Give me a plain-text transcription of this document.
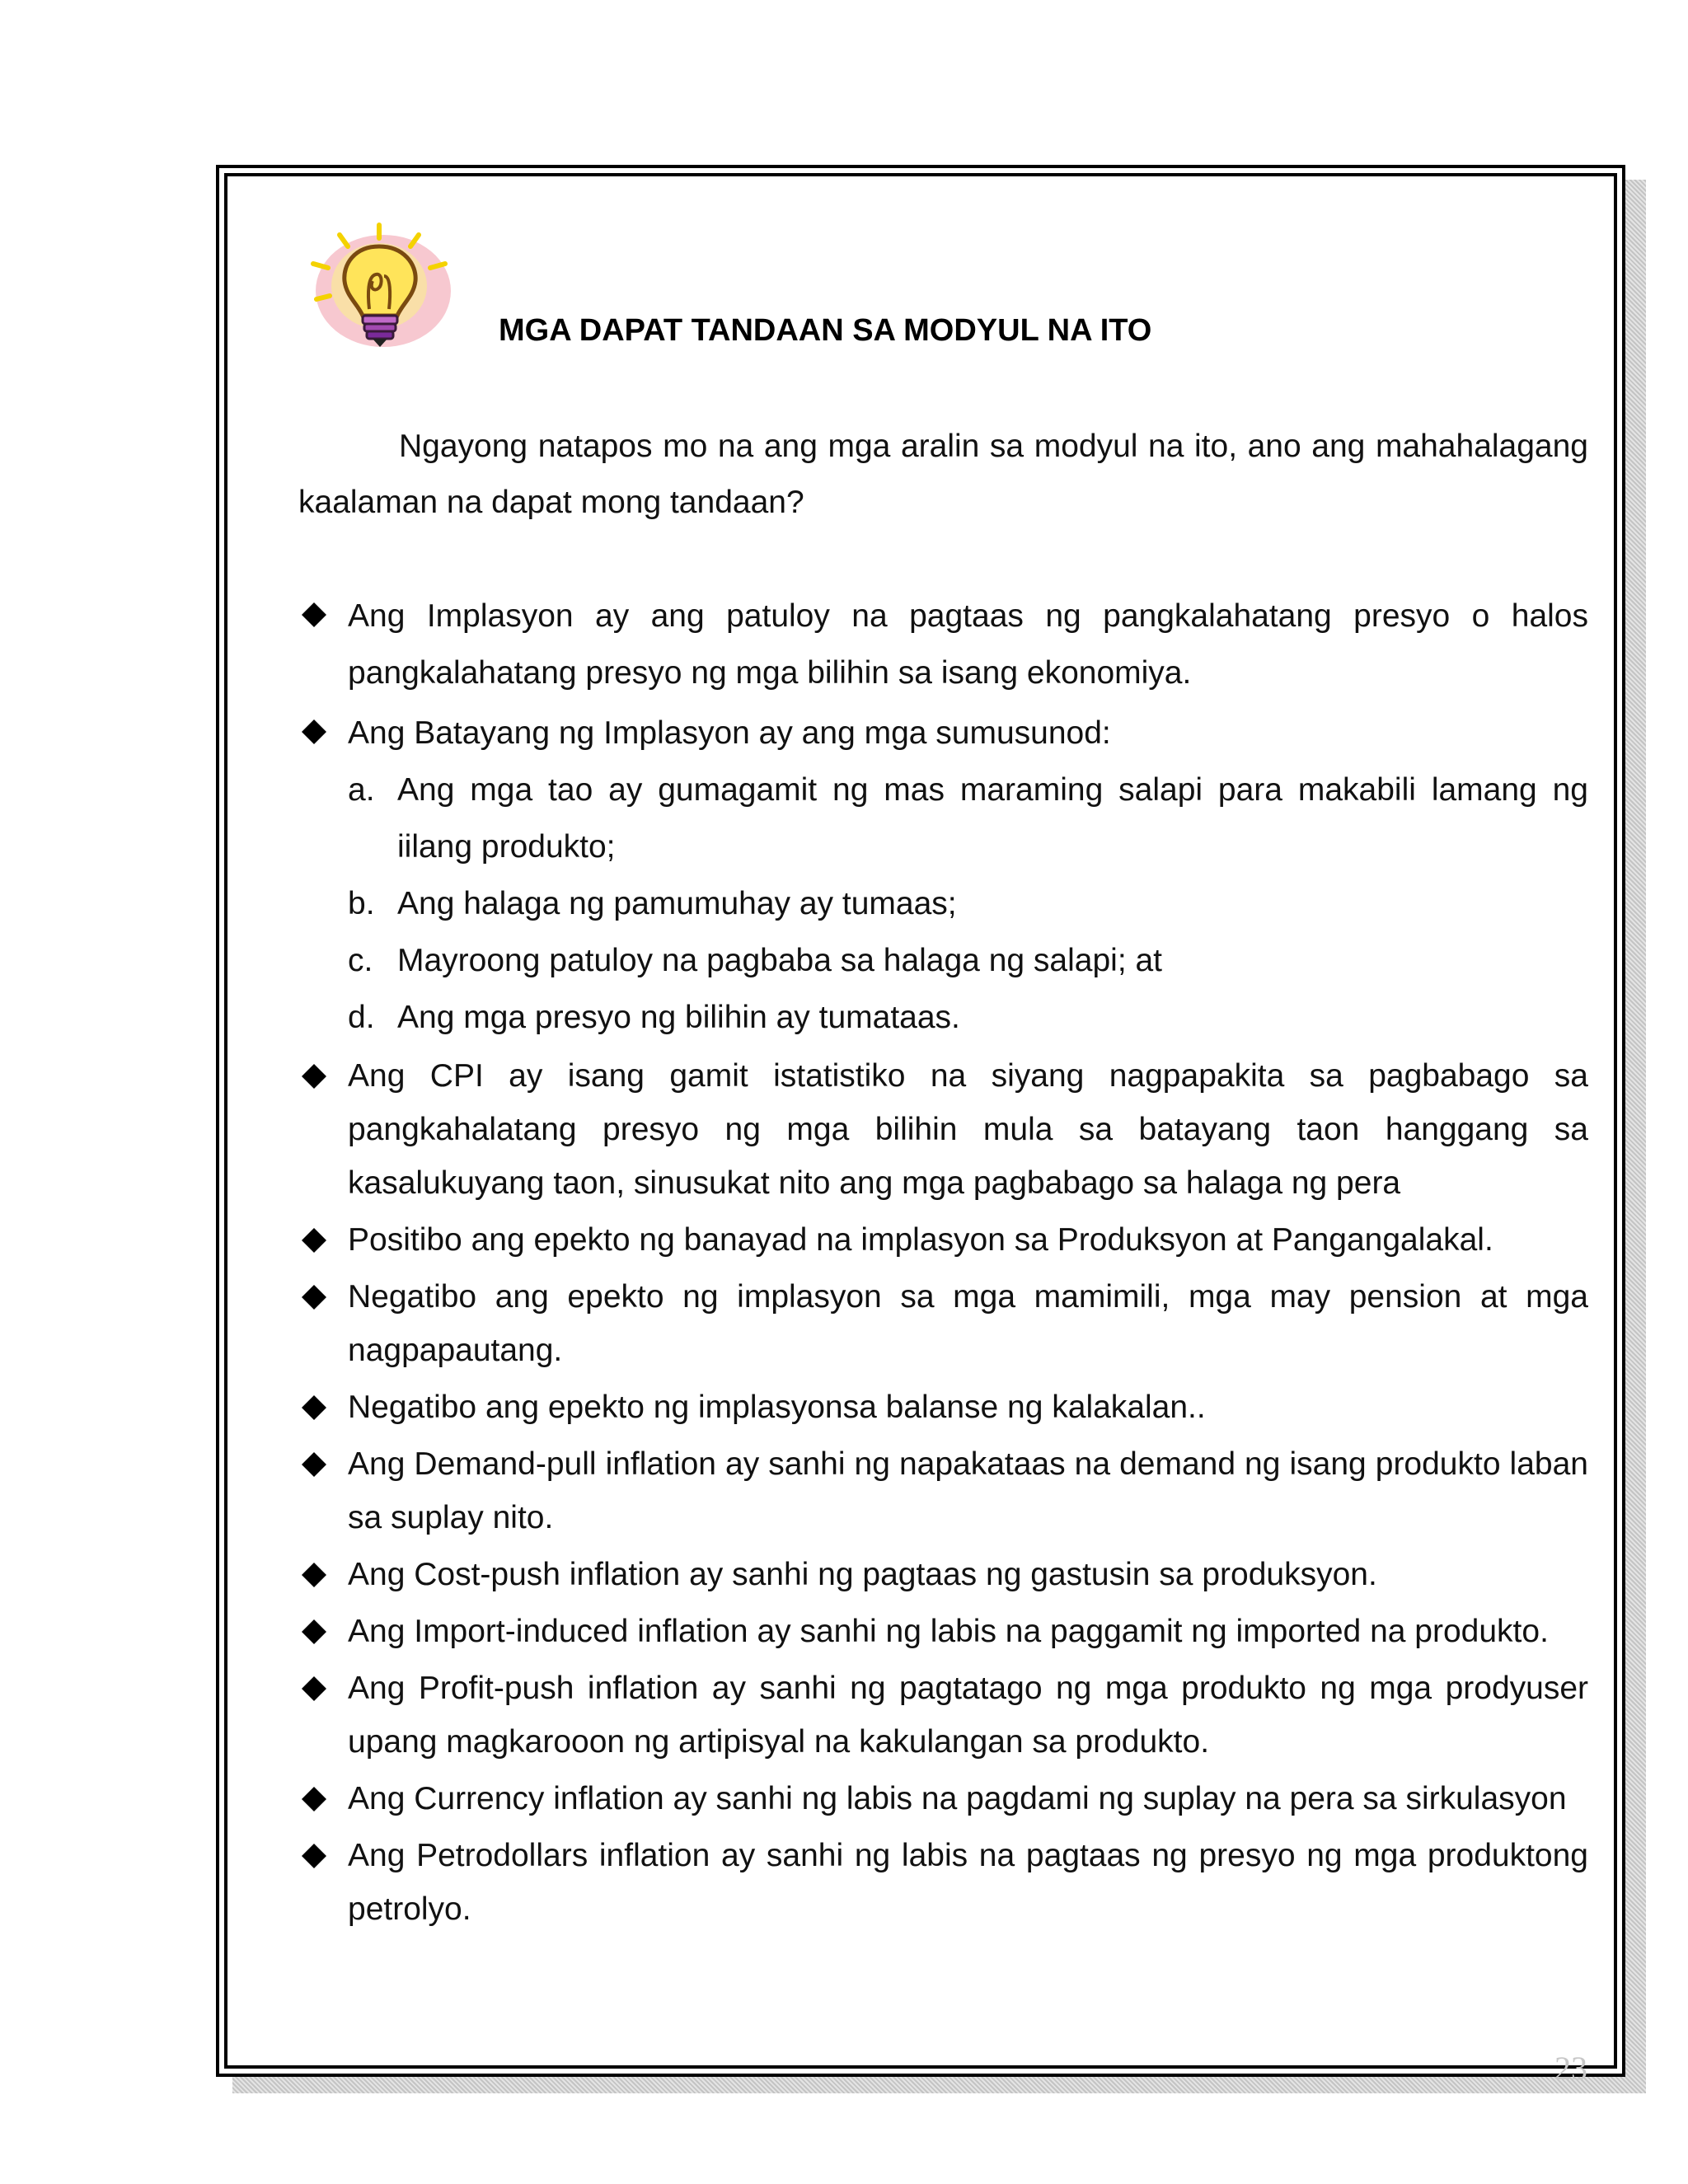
MGA DAPAT TANDAAN SA MODYUL NA ITO
Ngayong natapos mo na ang mga aralin sa modyul na ito, ano ang mahahalagang kaalaman na dapat mong tandaan?
Ang Implasyon ay ang patuloy na pagtaas ng pangkalahatang presyo o halos pangkalahatang presyo ng mga bilihin sa isang ekonomiya.
Ang Batayang ng Implasyon ay ang mga sumusunod:
a. Ang mga tao ay gumagamit ng mas maraming salapi para makabili lamang ng iilang produkto;
b. Ang halaga ng pamumuhay ay tumaas;
c. Mayroong patuloy na pagbaba sa halaga ng salapi; at
d. Ang mga presyo ng bilihin ay tumataas.
Ang CPI ay isang gamit istatistiko na siyang nagpapakita sa pagbabago sa pangkahalatang presyo ng mga bilihin mula sa batayang taon hanggang sa kasalukuyang taon, sinusukat nito ang mga pagbabago sa halaga ng pera
Positibo ang epekto ng banayad na implasyon sa Produksyon at Pangangalakal.
Negatibo ang epekto ng implasyon sa mga mamimili, mga may pension at mga nagpapautang.
Negatibo ang epekto ng implasyonsa balanse ng kalakalan..
Ang Demand-pull inflation ay sanhi ng napakataas na demand ng isang produkto laban sa suplay nito.
Ang Cost-push inflation ay sanhi ng pagtaas ng gastusin sa produksyon.
Ang Import-induced inflation ay sanhi ng labis na paggamit ng imported na produkto.
Ang Profit-push inflation ay sanhi ng pagtatago ng mga produkto ng mga prodyuser upang magkarooon ng artipisyal na kakulangan sa produkto.
Ang Currency inflation ay sanhi ng labis na pagdami ng suplay na pera sa sirkulasyon
Ang Petrodollars inflation ay sanhi ng labis na pagtaas ng presyo ng mga produktong petrolyo.
23
